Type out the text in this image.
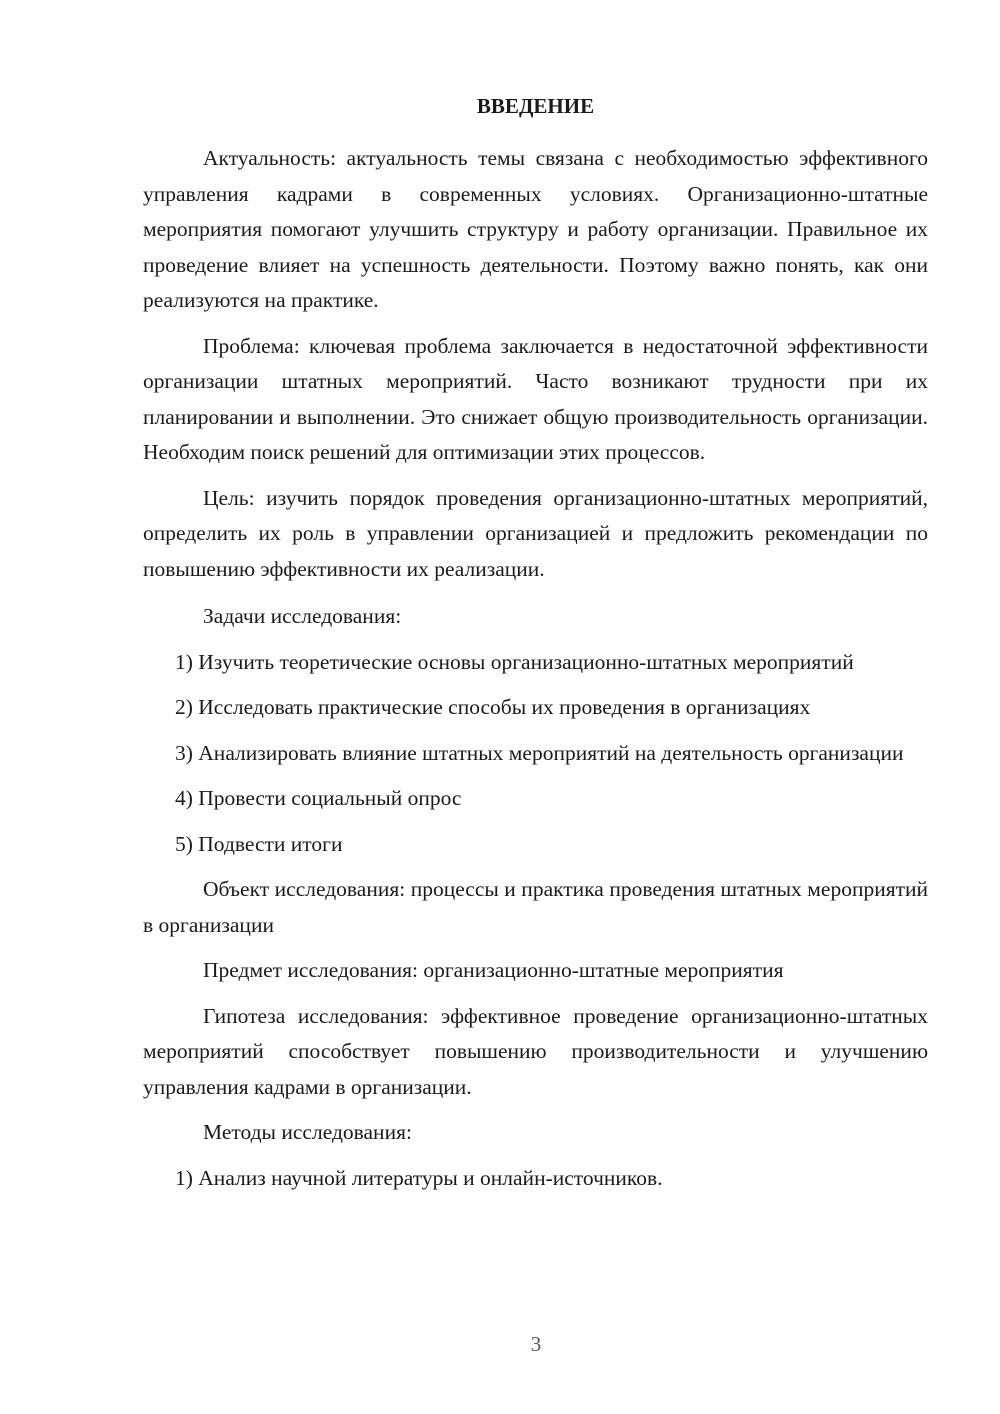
ВВЕДЕНИЕ

Актуальность: актуальность темы связана с необходимостью эффективного управления кадрами в современных условиях. Организационно-штатные мероприятия помогают улучшить структуру и работу организации. Правильное их проведение влияет на успешность деятельности. Поэтому важно понять, как они реализуются на практике.

Проблема: ключевая проблема заключается в недостаточной эффективности организации штатных мероприятий. Часто возникают трудности при их планировании и выполнении. Это снижает общую производительность организации. Необходим поиск решений для оптимизации этих процессов.

Цель: изучить порядок проведения организационно-штатных мероприятий, определить их роль в управлении организацией и предложить рекомендации по повышению эффективности их реализации.

Задачи исследования:

1) Изучить теоретические основы организационно-штатных мероприятий

2) Исследовать практические способы их проведения в организациях

3) Анализировать влияние штатных мероприятий на деятельность организации

4) Провести социальный опрос

5) Подвести итоги

Объект исследования: процессы и практика проведения штатных мероприятий в организации

Предмет исследования: организационно-штатные мероприятия

Гипотеза исследования: эффективное проведение организационно-штатных мероприятий способствует повышению производительности и улучшению управления кадрами в организации.

Методы исследования:

1) Анализ научной литературы и онлайн-источников.

3
